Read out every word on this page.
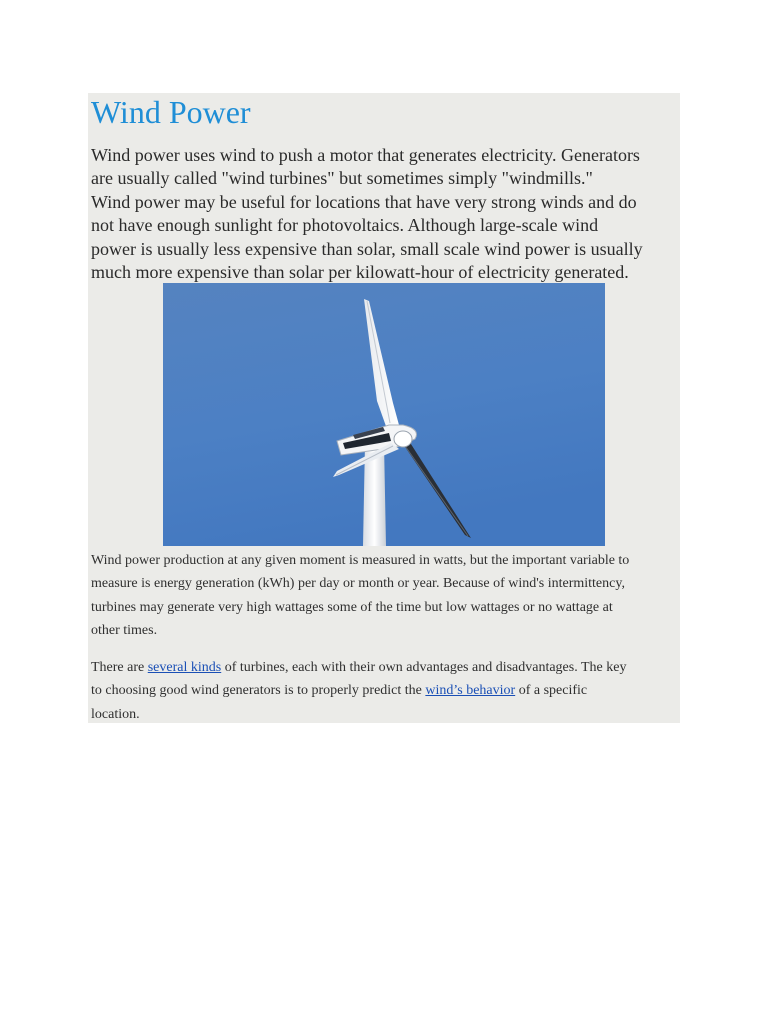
Wind Power

Wind power uses wind to push a motor that generates electricity. Generators
are usually called "wind turbines" but sometimes simply "windmills."
Wind power may be useful for locations that have very strong winds and do
not have enough sunlight for photovoltaics. Although large-scale wind
power is usually less expensive than solar, small scale wind power is usually
much more expensive than solar per kilowatt-hour of electricity generated.

Wind power production at any given moment is measured in watts, but the important variable to
measure is energy generation (kWh) per day or month or year. Because of wind's intermittency,
turbines may generate very high wattages some of the time but low wattages or no wattage at
other times.

There are several kinds of turbines, each with their own advantages and disadvantages. The key
to choosing good wind generators is to properly predict the wind’s behavior of a specific
location.
